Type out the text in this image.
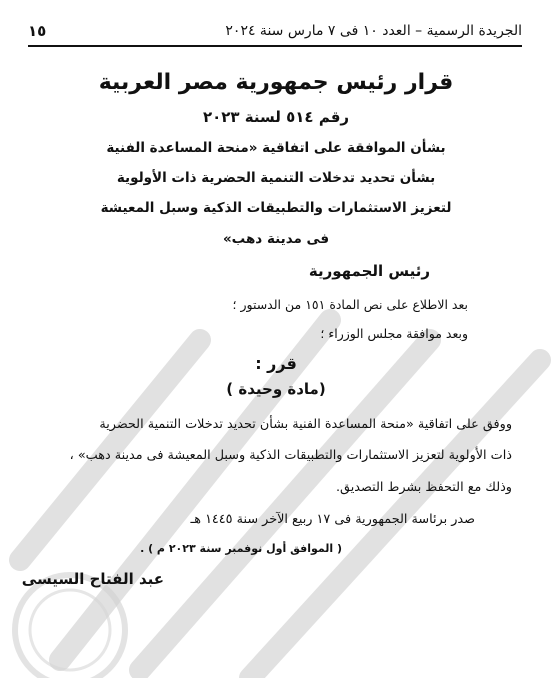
الجريدة الرسمية – العدد ١٠ فى ٧ مارس سنة ٢٠٢٤
١٥
قرار رئيس جمهورية مصر العربية
رقم ٥١٤ لسنة ٢٠٢٣
بشأن الموافقة على اتفاقية «منحة المساعدة الفنية
بشأن تحديد تدخلات التنمية الحضرية ذات الأولوية
لتعزيز الاستثمارات والتطبيقات الذكية وسبل المعيشة
فى مدينة دهب»
رئيس الجمهورية
بعد الاطلاع على نص المادة ١٥١ من الدستور ؛
وبعد موافقة مجلس الوزراء ؛
قرر :
(مادة وحيدة )
ووفق على اتفاقية «منحة المساعدة الفنية بشأن تحديد تدخلات التنمية الحضرية
ذات الأولوية لتعزيز الاستثمارات والتطبيقات الذكية وسبل المعيشة فى مدينة دهب» ،
وذلك مع التحفظ بشرط التصديق.
صدر برئاسة الجمهورية فى ١٧ ربيع الآخر سنة ١٤٤٥ هـ
( الموافق أول نوفمبر سنة ٢٠٢٣ م ) .
عبد الفتاح السيسى
